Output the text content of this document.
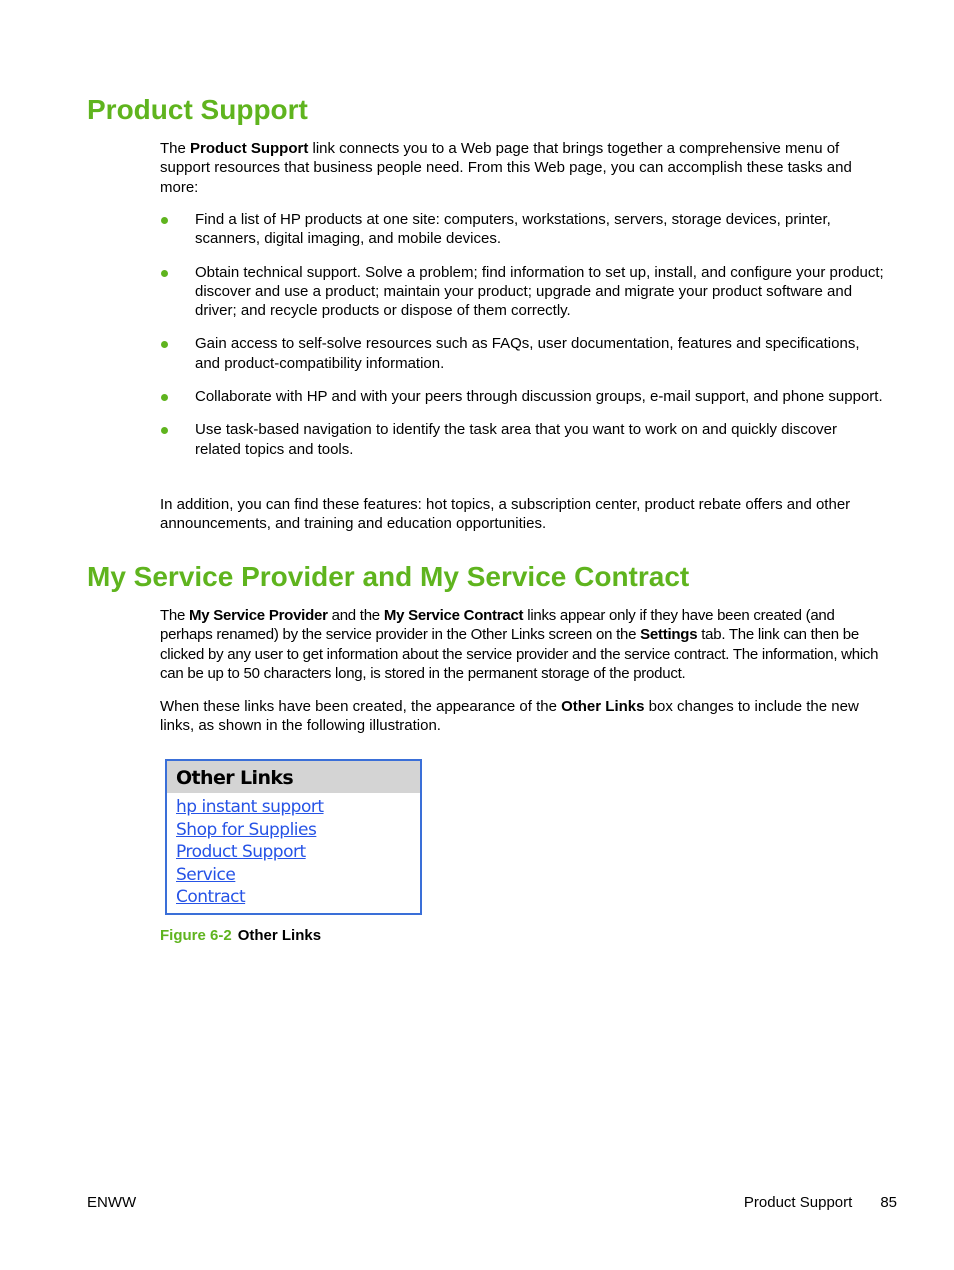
Product Support

The Product Support link connects you to a Web page that brings together a comprehensive menu of support resources that business people need. From this Web page, you can accomplish these tasks and more:

Find a list of HP products at one site: computers, workstations, servers, storage devices, printer, scanners, digital imaging, and mobile devices.
Obtain technical support. Solve a problem; find information to set up, install, and configure your product; discover and use a product; maintain your product; upgrade and migrate your product software and driver; and recycle products or dispose of them correctly.
Gain access to self-solve resources such as FAQs, user documentation, features and specifications, and product-compatibility information.
Collaborate with HP and with your peers through discussion groups, e-mail support, and phone support.
Use task-based navigation to identify the task area that you want to work on and quickly discover related topics and tools.

In addition, you can find these features: hot topics, a subscription center, product rebate offers and other announcements, and training and education opportunities.

My Service Provider and My Service Contract

The My Service Provider and the My Service Contract links appear only if they have been created (and perhaps renamed) by the service provider in the Other Links screen on the Settings tab. The link can then be clicked by any user to get information about the service provider and the service contract. The information, which can be up to 50 characters long, is stored in the permanent storage of the product.

When these links have been created, the appearance of the Other Links box changes to include the new links, as shown in the following illustration.

Other Links
hp instant support
Shop for Supplies
Product Support
Service
Contract

Figure 6-2 Other Links

ENWW	Product Support 85
